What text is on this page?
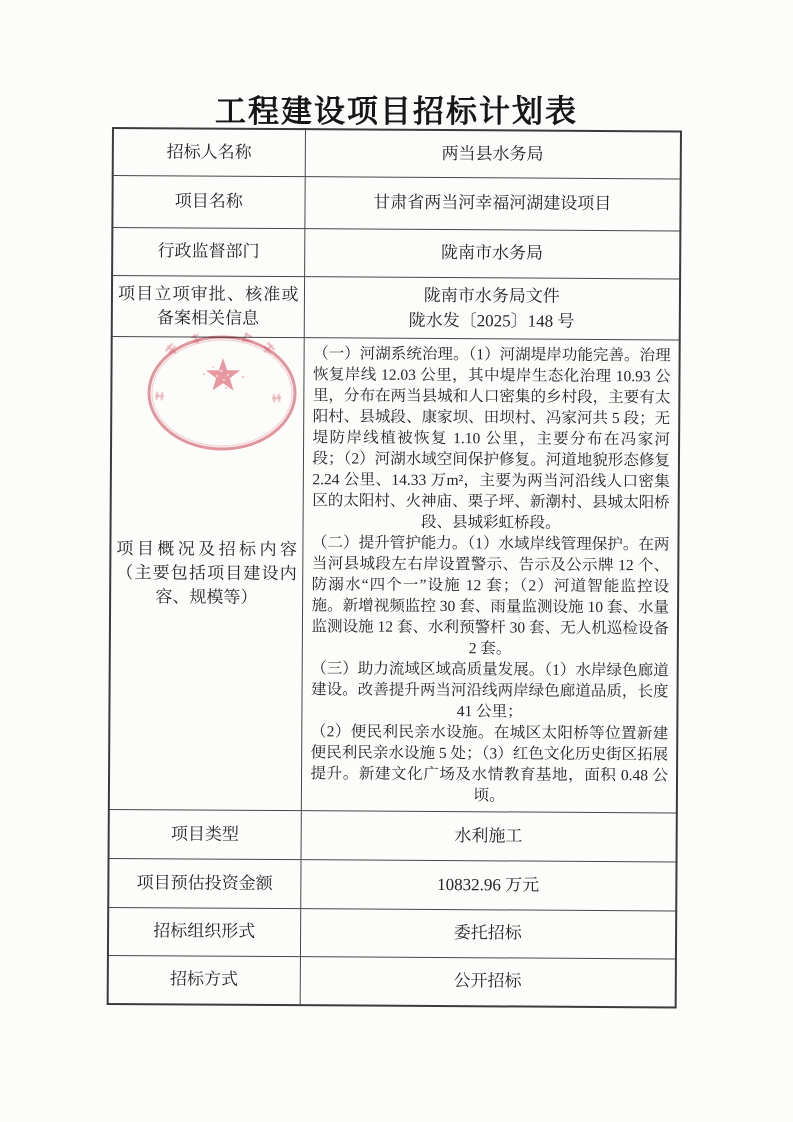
工程建设项目招标计划表
招标人名称	两当县水务局
项目名称	甘肃省两当河幸福河湖建设项目
行政监督部门	陇南市水务局
项目立项审批、核准或备案相关信息	陇南市水务局文件
陇水发〔2025〕148 号

项目概况及招标内容（主要包括项目建设内容、规模等）	（一）河湖系统治理。（1）河湖堤岸功能完善。治理恢复岸线 12.03 公里，其中堤岸生态化治理 10.93 公里，分布在两当县城和人口密集的乡村段，主要有太阳村、县城段、康家坝、田坝村、冯家河共 5 段；无堤防岸线植被恢复 1.10 公里，主要分布在冯家河段；（2）河湖水域空间保护修复。河道地貌形态修复 2.24 公里、14.33 万m²，主要为两当河沿线人口密集区的太阳村、火神庙、栗子坪、新潮村、县城太阳桥段、县城彩虹桥段。
（二）提升管护能力。（1）水域岸线管理保护。在两当河县城段左右岸设置警示、告示及公示牌 12 个、防溺水“四个一”设施 12 套；（2）河道智能监控设施。新增视频监控 30 套、雨量监测设施 10 套、水量监测设施 12 套、水利预警杆 30 套、无人机巡检设备 2 套。
（三）助力流域区域高质量发展。（1）水岸绿色廊道建设。改善提升两当河沿线两岸绿色廊道品质，长度 41 公里；
（2）便民利民亲水设施。在城区太阳桥等位置新建便民利民亲水设施 5 处；（3）红色文化历史街区拓展提升。新建文化广场及水情教育基地，面积 0.48 公顷。

项目类型	水利施工
项目预估投资金额	10832.96 万元
招标组织形式	委托招标
招标方式	公开招标
